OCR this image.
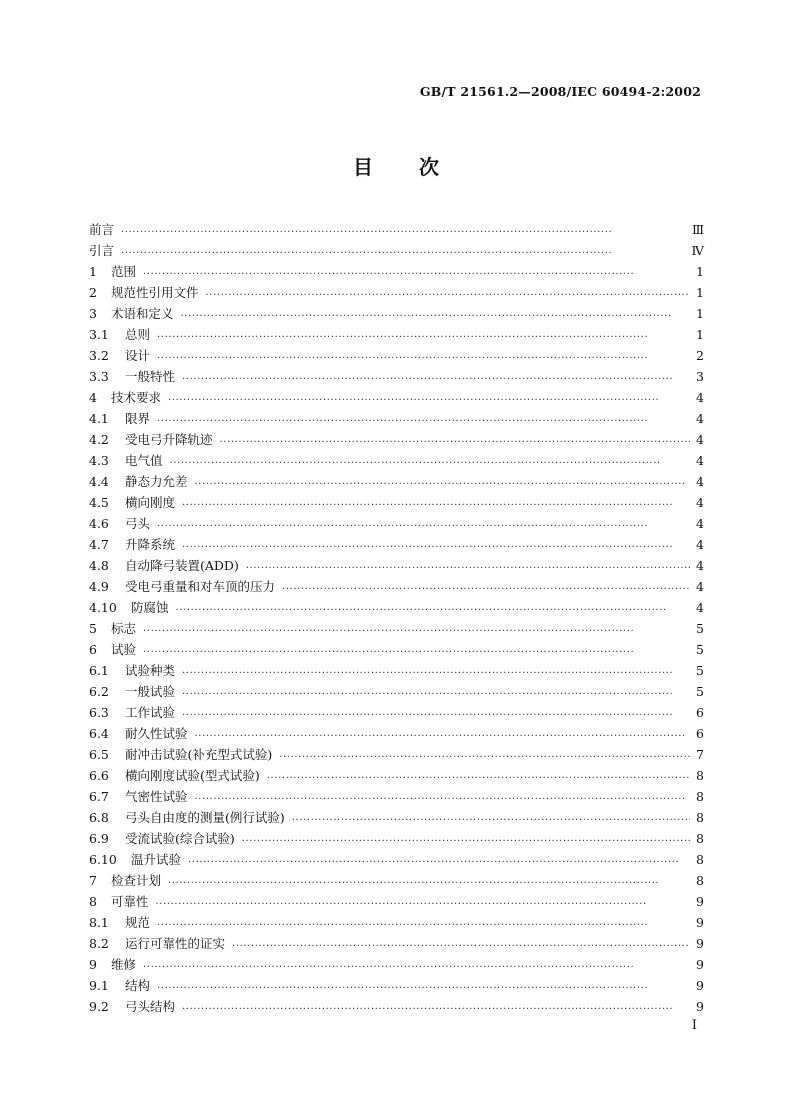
GB/T 21561.2—2008/IEC 60494-2:2002
目 次
前言 ·····	Ⅲ
引言 ·····	Ⅳ
1	范围 ·····	1
2	规范性引用文件 ·····	1
3	术语和定义 ·····	1
3.1	总则 ·····	1
3.2	设计 ·····	2
3.3	一般特性 ·····	3
4	技术要求 ·····	4
4.1	限界 ·····	4
4.2	受电弓升降轨迹 ·····	4
4.3	电气值 ·····	4
4.4	静态力允差 ·····	4
4.5	横向刚度 ·····	4
4.6	弓头 ·····	4
4.7	升降系统 ·····	4
4.8	自动降弓装置(ADD) ·····	4
4.9	受电弓重量和对车顶的压力 ·····	4
4.10	防腐蚀 ·····	4
5	标志 ·····	5
6	试验 ·····	5
6.1	试验种类 ·····	5
6.2	一般试验 ·····	5
6.3	工作试验 ·····	6
6.4	耐久性试验 ·····	6
6.5	耐冲击试验(补充型式试验) ·····	7
6.6	横向刚度试验(型式试验) ·····	8
6.7	气密性试验 ·····	8
6.8	弓头自由度的测量(例行试验) ·····	8
6.9	受流试验(综合试验) ·····	8
6.10	温升试验 ·····	8
7	检查计划 ·····	8
8	可靠性 ·····	9
8.1	规范 ·····	9
8.2	运行可靠性的证实 ·····	9
9	维修 ·····	9
9.1	结构 ·····	9
9.2	弓头结构 ·····	9
I
